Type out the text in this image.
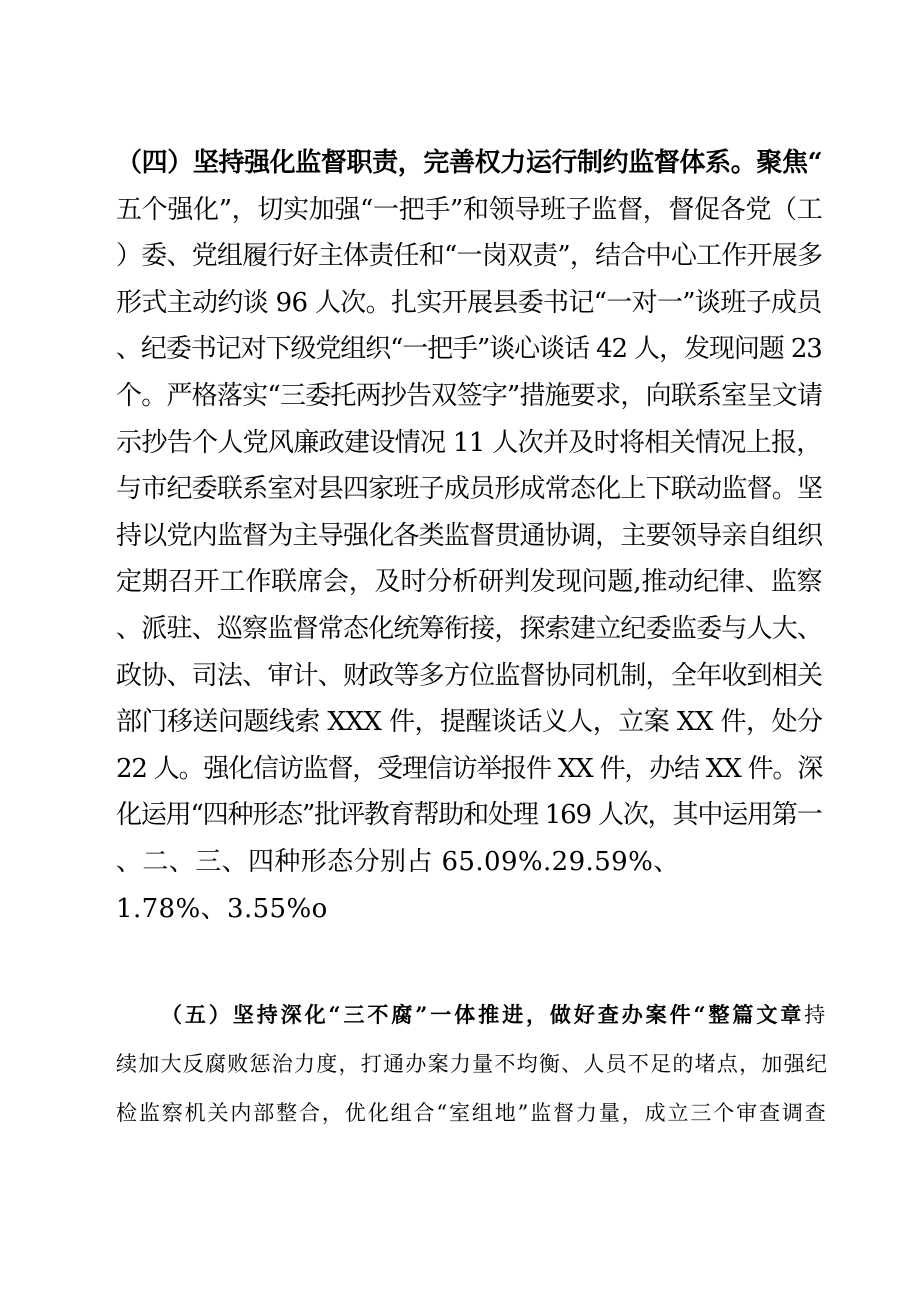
（四）坚持强化监督职责，完善权力运行制约监督体系。聚焦“
五个强化”，切实加强“一把手”和领导班子监督，督促各党（工
）委、党组履行好主体责任和“一岗双责”，结合中心工作开展多
形式主动约谈 96 人次。扎实开展县委书记“一对一”谈班子成员
、纪委书记对下级党组织“一把手”谈心谈话 42 人，发现问题 23
个。严格落实“三委托两抄告双签字”措施要求，向联系室呈文请
示抄告个人党风廉政建设情况 11 人次并及时将相关情况上报，
与市纪委联系室对县四家班子成员形成常态化上下联动监督。坚
持以党内监督为主导强化各类监督贯通协调，主要领导亲自组织
定期召开工作联席会，及时分析研判发现问题,推动纪律、监察
、派驻、巡察监督常态化统筹衔接，探索建立纪委监委与人大、
政协、司法、审计、财政等多方位监督协同机制，全年收到相关
部门移送问题线索 XXX 件，提醒谈话义人，立案 XX 件，处分
22 人。强化信访监督，受理信访举报件 XX 件，办结 XX 件。深
化运用“四种形态”批评教育帮助和处理 169 人次，其中运用第一
、二、三、四种形态分别占 65.09%.29.59%、
1.78%、3.55%o
（五）坚持深化“三不腐”一体推进，做好查办案件“整篇文章持
续加大反腐败惩治力度，打通办案力量不均衡、人员不足的堵点，加强纪
检监察机关内部整合，优化组合“室组地”监督力量，成立三个审查调查
